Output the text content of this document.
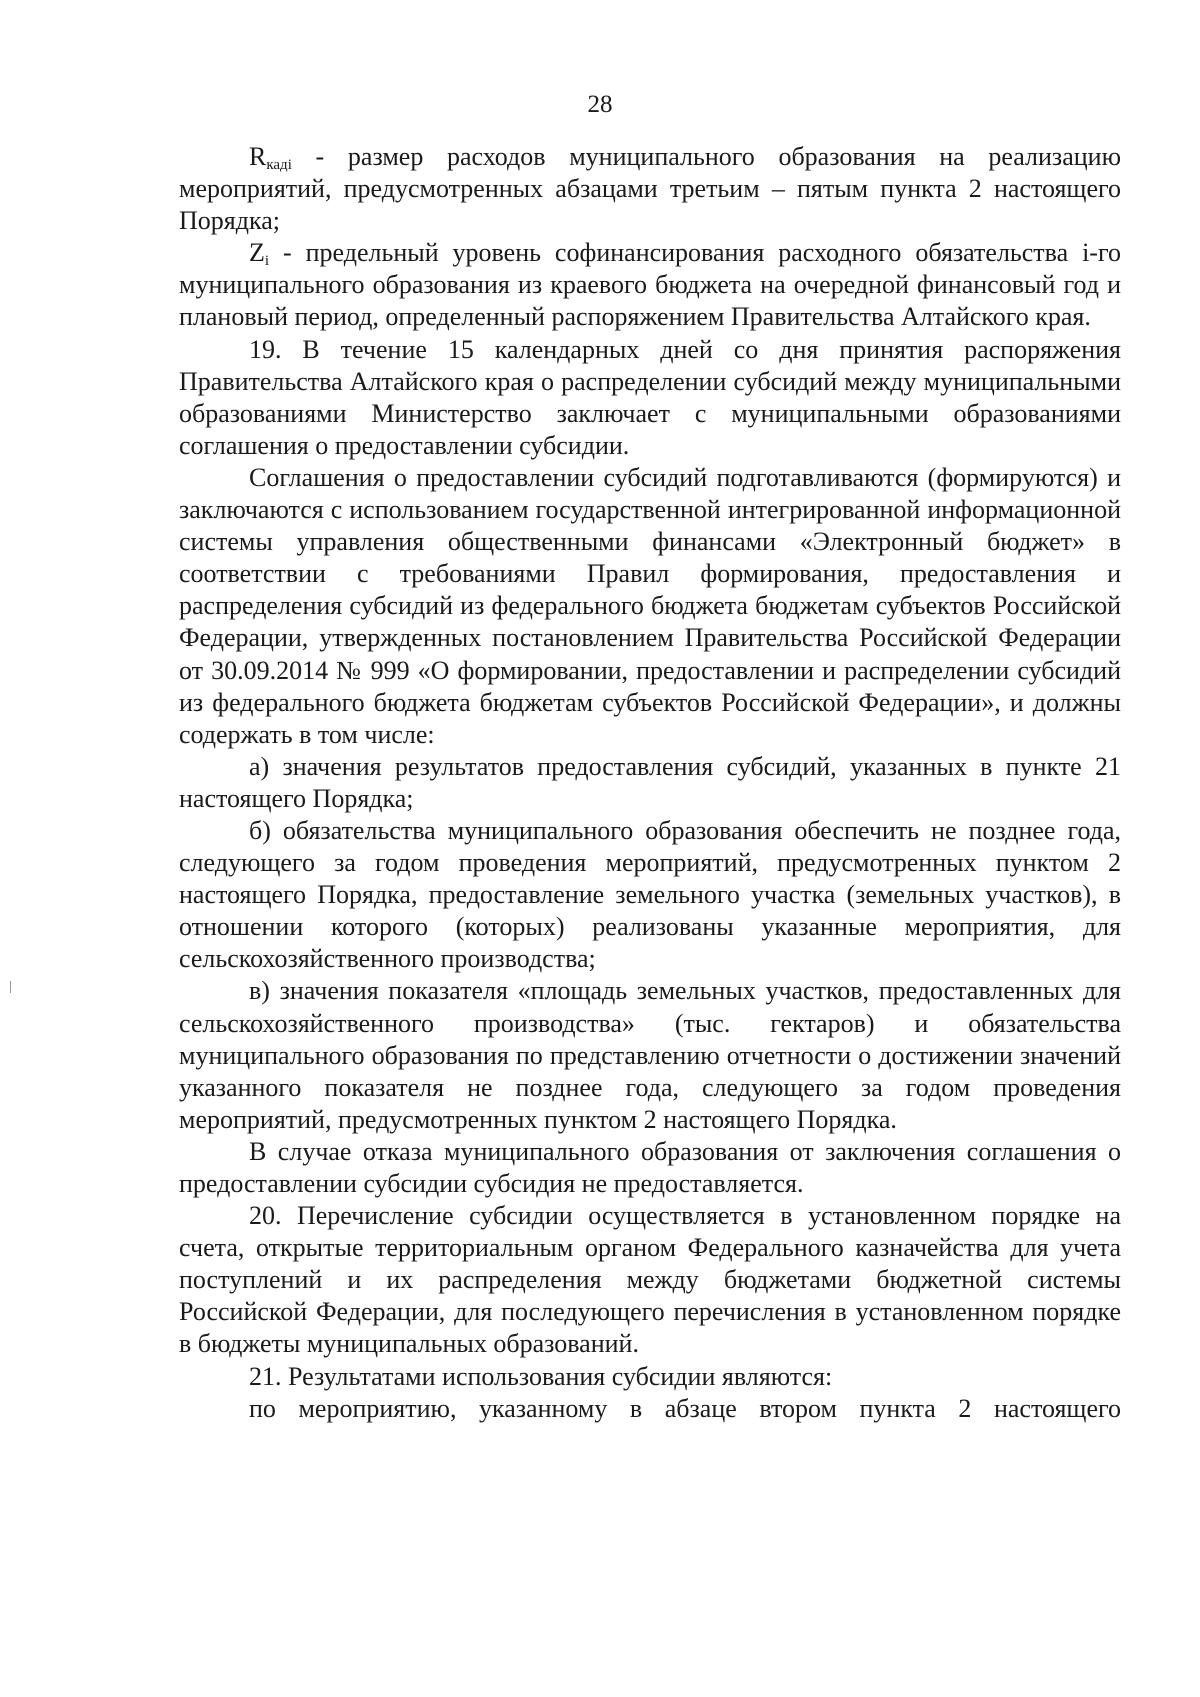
28

$R_{кадi}$ - размер расходов муниципального образования на реализацию мероприятий, предусмотренных абзацами третьим – пятым пункта 2 настоящего Порядка;

$Z_i$ - предельный уровень софинансирования расходного обязательства i-го муниципального образования из краевого бюджета на очередной финансовый год и плановый период, определенный распоряжением Правительства Алтайского края.

19. В течение 15 календарных дней со дня принятия распоряжения Правительства Алтайского края о распределении субсидий между муниципальными образованиями Министерство заключает с муниципальными образованиями соглашения о предоставлении субсидии.

Соглашения о предоставлении субсидий подготавливаются (формируются) и заключаются с использованием государственной интегрированной информационной системы управления общественными финансами «Электронный бюджет» в соответствии с требованиями Правил формирования, предоставления и распределения субсидий из федерального бюджета бюджетам субъектов Российской Федерации, утвержденных постановлением Правительства Российской Федерации от 30.09.2014 № 999 «О формировании, предоставлении и распределении субсидий из федерального бюджета бюджетам субъектов Российской Федерации», и должны содержать в том числе:

а) значения результатов предоставления субсидий, указанных в пункте 21 настоящего Порядка;

б) обязательства муниципального образования обеспечить не позднее года, следующего за годом проведения мероприятий, предусмотренных пунктом 2 настоящего Порядка, предоставление земельного участка (земельных участков), в отношении которого (которых) реализованы указанные мероприятия, для сельскохозяйственного производства;

в) значения показателя «площадь земельных участков, предоставленных для сельскохозяйственного производства» (тыс. гектаров) и обязательства муниципального образования по представлению отчетности о достижении значений указанного показателя не позднее года, следующего за годом проведения мероприятий, предусмотренных пунктом 2 настоящего Порядка.

В случае отказа муниципального образования от заключения соглашения о предоставлении субсидии субсидия не предоставляется.

20. Перечисление субсидии осуществляется в установленном порядке на счета, открытые территориальным органом Федерального казначейства для учета поступлений и их распределения между бюджетами бюджетной системы Российской Федерации, для последующего перечисления в установленном порядке в бюджеты муниципальных образований.

21. Результатами использования субсидии являются:

по мероприятию, указанному в абзаце втором пункта 2 настоящего
